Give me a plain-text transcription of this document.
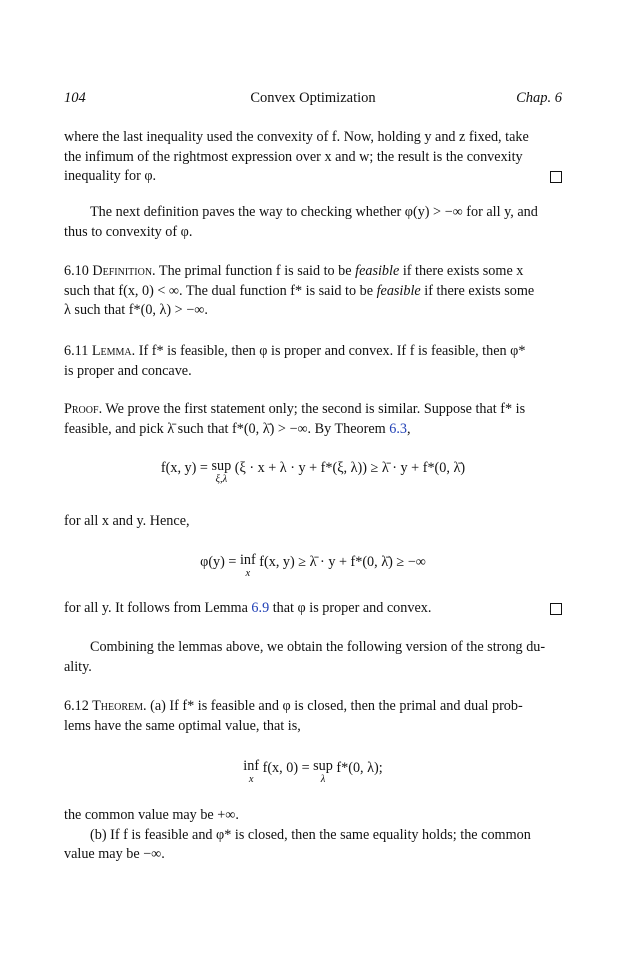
104	Convex Optimization	Chap. 6
where the last inequality used the convexity of f. Now, holding y and z fixed, take
the infimum of the rightmost expression over x and w; the result is the convexity
inequality for φ.
The next definition paves the way to checking whether φ(y) > −∞ for all y, and
thus to convexity of φ.
6.10 Definition. The primal function f is said to be feasible if there exists some x
such that f(x, 0) < ∞. The dual function f* is said to be feasible if there exists some
λ such that f*(0, λ) > −∞.
6.11 Lemma. If f* is feasible, then φ is proper and convex. If f is feasible, then φ*
is proper and concave.
Proof. We prove the first statement only; the second is similar. Suppose that f* is
feasible, and pick λ̄ such that f*(0, λ̄) > −∞. By Theorem 6.3,
f(x, y) = sup
ξ,λ
(ξ · x + λ · y + f*(ξ, λ)) ≥ λ̄ · y + f*(0, λ̄)
for all x and y. Hence,
φ(y) = inf
x
f(x, y) ≥ λ̄ · y + f*(0, λ̄) ≥ −∞
for all y. It follows from Lemma 6.9 that φ is proper and convex.
Combining the lemmas above, we obtain the following version of the strong du-
ality.
6.12 Theorem. (a) If f* is feasible and φ is closed, then the primal and dual prob-
lems have the same optimal value, that is,
inf
x
f(x, 0) = sup
λ
f*(0, λ);
the common value may be +∞.
(b) If f is feasible and φ* is closed, then the same equality holds; the common
value may be −∞.
